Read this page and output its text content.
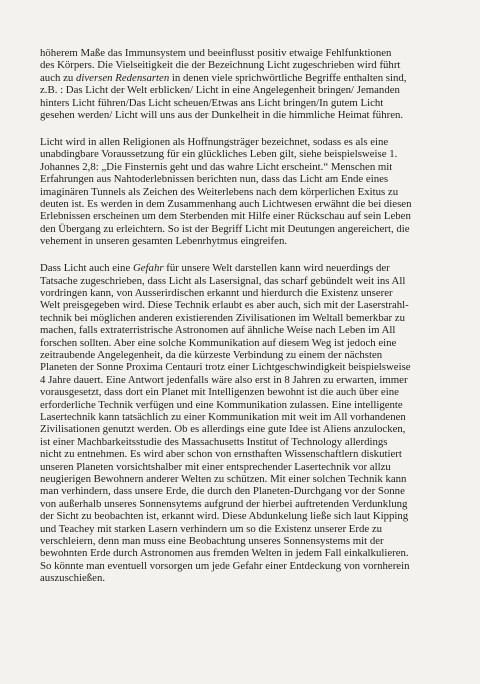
höherem Maße das Immunsystem und beeinflusst positiv etwaige Fehlfunktionen
des Körpers. Die Vielseitigkeit die der Bezeichnung Licht zugeschrieben wird führt
auch zu diversen Redensarten in denen viele sprichwörtliche Begriffe enthalten sind,
z.B. : Das Licht der Welt erblicken/ Licht in eine Angelegenheit bringen/ Jemanden
hinters Licht führen/Das Licht scheuen/Etwas ans Licht bringen/In gutem Licht
gesehen werden/ Licht will uns aus der Dunkelheit in die himmliche Heimat führen.

Licht wird in allen Religionen als Hoffnungsträger bezeichnet, sodass es als eine
unabdingbare Voraussetzung für ein glückliches Leben gilt, siehe beispielsweise 1.
Johannes 2,8: „Die Finsternis geht und das wahre Licht erscheint.“ Menschen mit
Erfahrungen aus Nahtoderlebnissen berichten nun, dass das Licht am Ende eines
imaginären Tunnels als Zeichen des Weiterlebens nach dem körperlichen Exitus zu
deuten ist. Es werden in dem Zusammenhang auch Lichtwesen erwähnt die bei diesen
Erlebnissen erscheinen um dem Sterbenden mit Hilfe einer Rückschau auf sein Leben
den Übergang zu erleichtern. So ist der Begriff Licht mit Deutungen angereichert, die
vehement in unseren gesamten Lebenrhytmus eingreifen.

Dass Licht auch eine Gefahr für unsere Welt darstellen kann wird neuerdings der
Tatsache zugeschrieben, dass Licht als Lasersignal, das scharf gebündelt weit ins All
vordringen kann, von Ausserirdischen erkannt und hierdurch die Existenz unserer
Welt preisgegeben wird. Diese Technik erlaubt es aber auch, sich mit der Laserstrahl-
technik bei möglichen anderen existierenden Zivilisationen im Weltall bemerkbar zu
machen, falls extraterristrische Astronomen auf ähnliche Weise nach Leben im All
forschen sollten. Aber eine solche Kommunikation auf diesem Weg ist jedoch eine
zeitraubende Angelegenheit, da die kürzeste Verbindung zu einem der nächsten
Planeten der Sonne Proxima Centauri trotz einer Lichtgeschwindigkeit beispielsweise
4 Jahre dauert. Eine Antwort jedenfalls wäre also erst in 8 Jahren zu erwarten, immer
vorausgesetzt, dass dort ein Planet mit Intelligenzen bewohnt ist die auch über eine
erforderliche Technik verfügen und eine Kommunikation zulassen. Eine intelligente
Lasertechnik kann tatsächlich zu einer Kommunikation mit weit im All vorhandenen
Zivilisationen genutzt werden. Ob es allerdings eine gute Idee ist Aliens anzulocken,
ist einer Machbarkeitsstudie des Massachusetts Institut of Technology allerdings
nicht zu entnehmen. Es wird aber schon von ernsthaften Wissenschaftlern diskutiert
unseren Planeten vorsichtshalber mit einer entsprechender Lasertechnik vor allzu
neugierigen Bewohnern anderer Welten zu schützen. Mit einer solchen Technik kann
man verhindern, dass unsere Erde, die durch den Planeten-Durchgang vor der Sonne
von außerhalb unseres Sonnensytems aufgrund der hierbei auftretenden Verdunklung
der Sicht zu beobachten ist, erkannt wird. Diese Abdunkelung ließe sich laut Kipping
und Teachey mit starken Lasern verhindern um so die Existenz unserer Erde zu
verschleiern, denn man muss eine Beobachtung unseres Sonnensystems mit der
bewohnten Erde durch Astronomen aus fremden Welten in jedem Fall einkalkulieren.
So könnte man eventuell vorsorgen um jede Gefahr einer Entdeckung von vornherein
auszuschießen.
